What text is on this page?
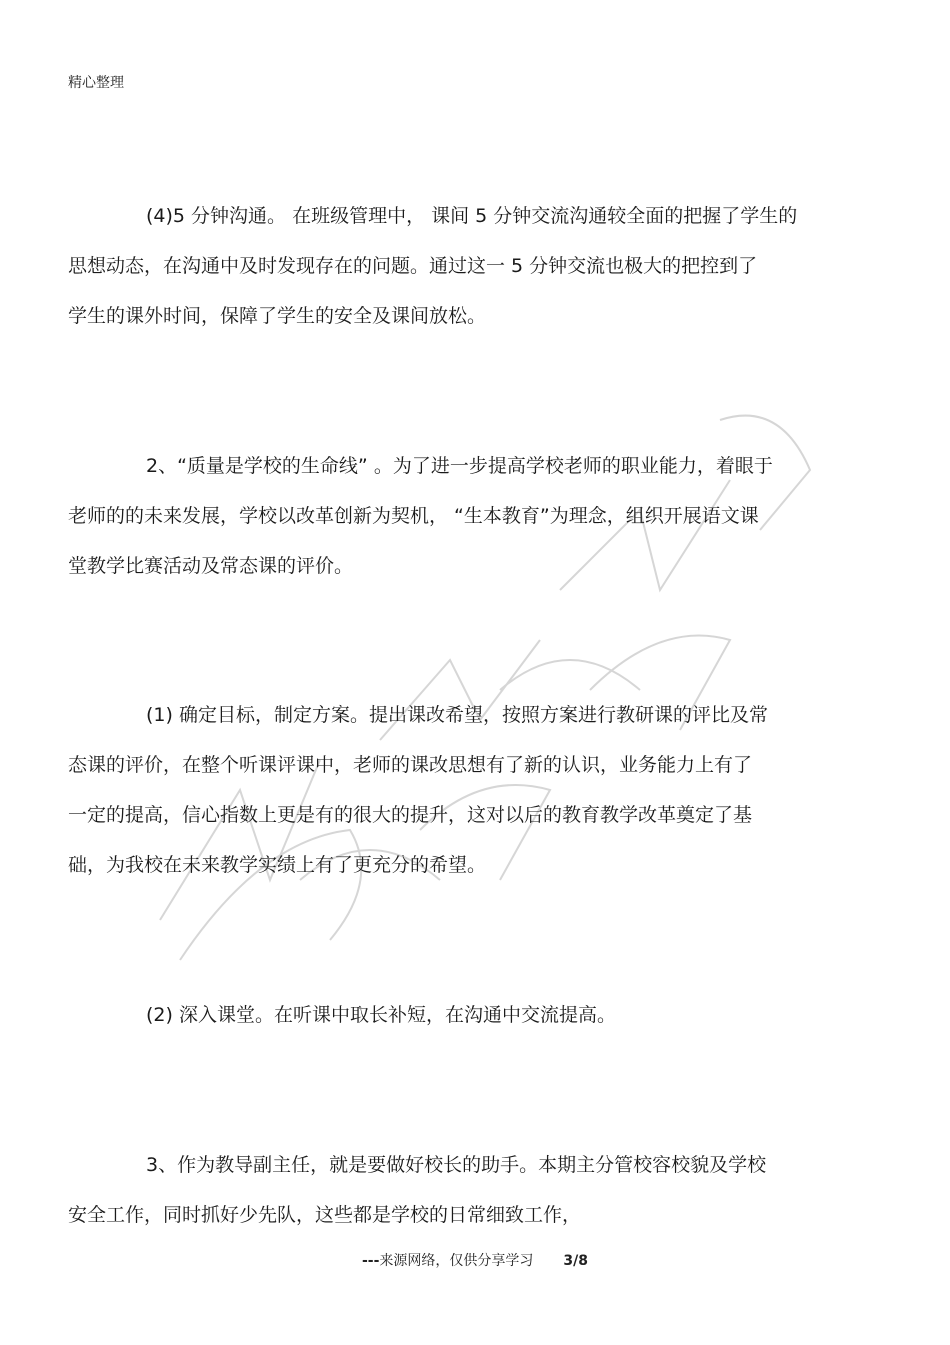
精心整理
(4)5 分钟沟通。 在班级管理中， 课间 5 分钟交流沟通较全面的把握了学生的
思想动态，在沟通中及时发现存在的问题。通过这一 5 分钟交流也极大的把控到了
学生的课外时间，保障了学生的安全及课间放松。
2、“质量是学校的生命线” 。为了进一步提高学校老师的职业能力，着眼于
老师的的未来发展，学校以改革创新为契机， “生本教育”为理念，组织开展语文课
堂教学比赛活动及常态课的评价。
(1) 确定目标，制定方案。提出课改希望，按照方案进行教研课的评比及常
态课的评价，在整个听课评课中，老师的课改思想有了新的认识，业务能力上有了
一定的提高，信心指数上更是有的很大的提升，这对以后的教育教学改革奠定了基
础，为我校在未来教学实绩上有了更充分的希望。
(2) 深入课堂。在听课中取长补短，在沟通中交流提高。
3、作为教导副主任，就是要做好校长的助手。本期主分管校容校貌及学校
安全工作，同时抓好少先队，这些都是学校的日常细致工作，
---来源网络，仅供分享学习 3/8
